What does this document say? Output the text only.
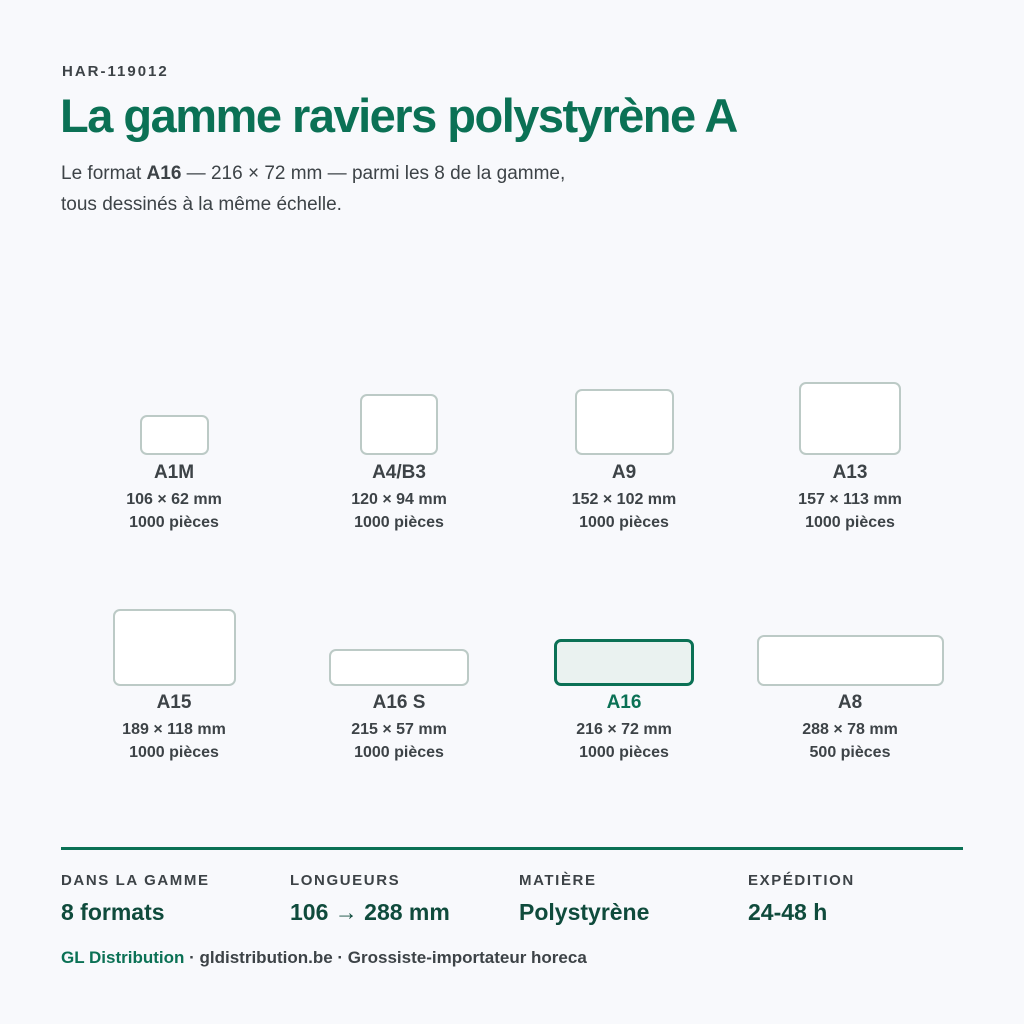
HAR-119012
La gamme raviers polystyrène A
Le format A16 — 216 × 72 mm — parmi les 8 de la gamme, tous dessinés à la même échelle.
A1M
106 × 62 mm
1000 pièces
A4/B3
120 × 94 mm
1000 pièces
A9
152 × 102 mm
1000 pièces
A13
157 × 113 mm
1000 pièces
A15
189 × 118 mm
1000 pièces
A16 S
215 × 57 mm
1000 pièces
A16
216 × 72 mm
1000 pièces
A8
288 × 78 mm
500 pièces
DANS LA GAMME
8 formats
LONGUEURS
106 → 288 mm
MATIÈRE
Polystyrène
EXPÉDITION
24-48 h
GL Distribution · gldistribution.be · Grossiste-importateur horeca
